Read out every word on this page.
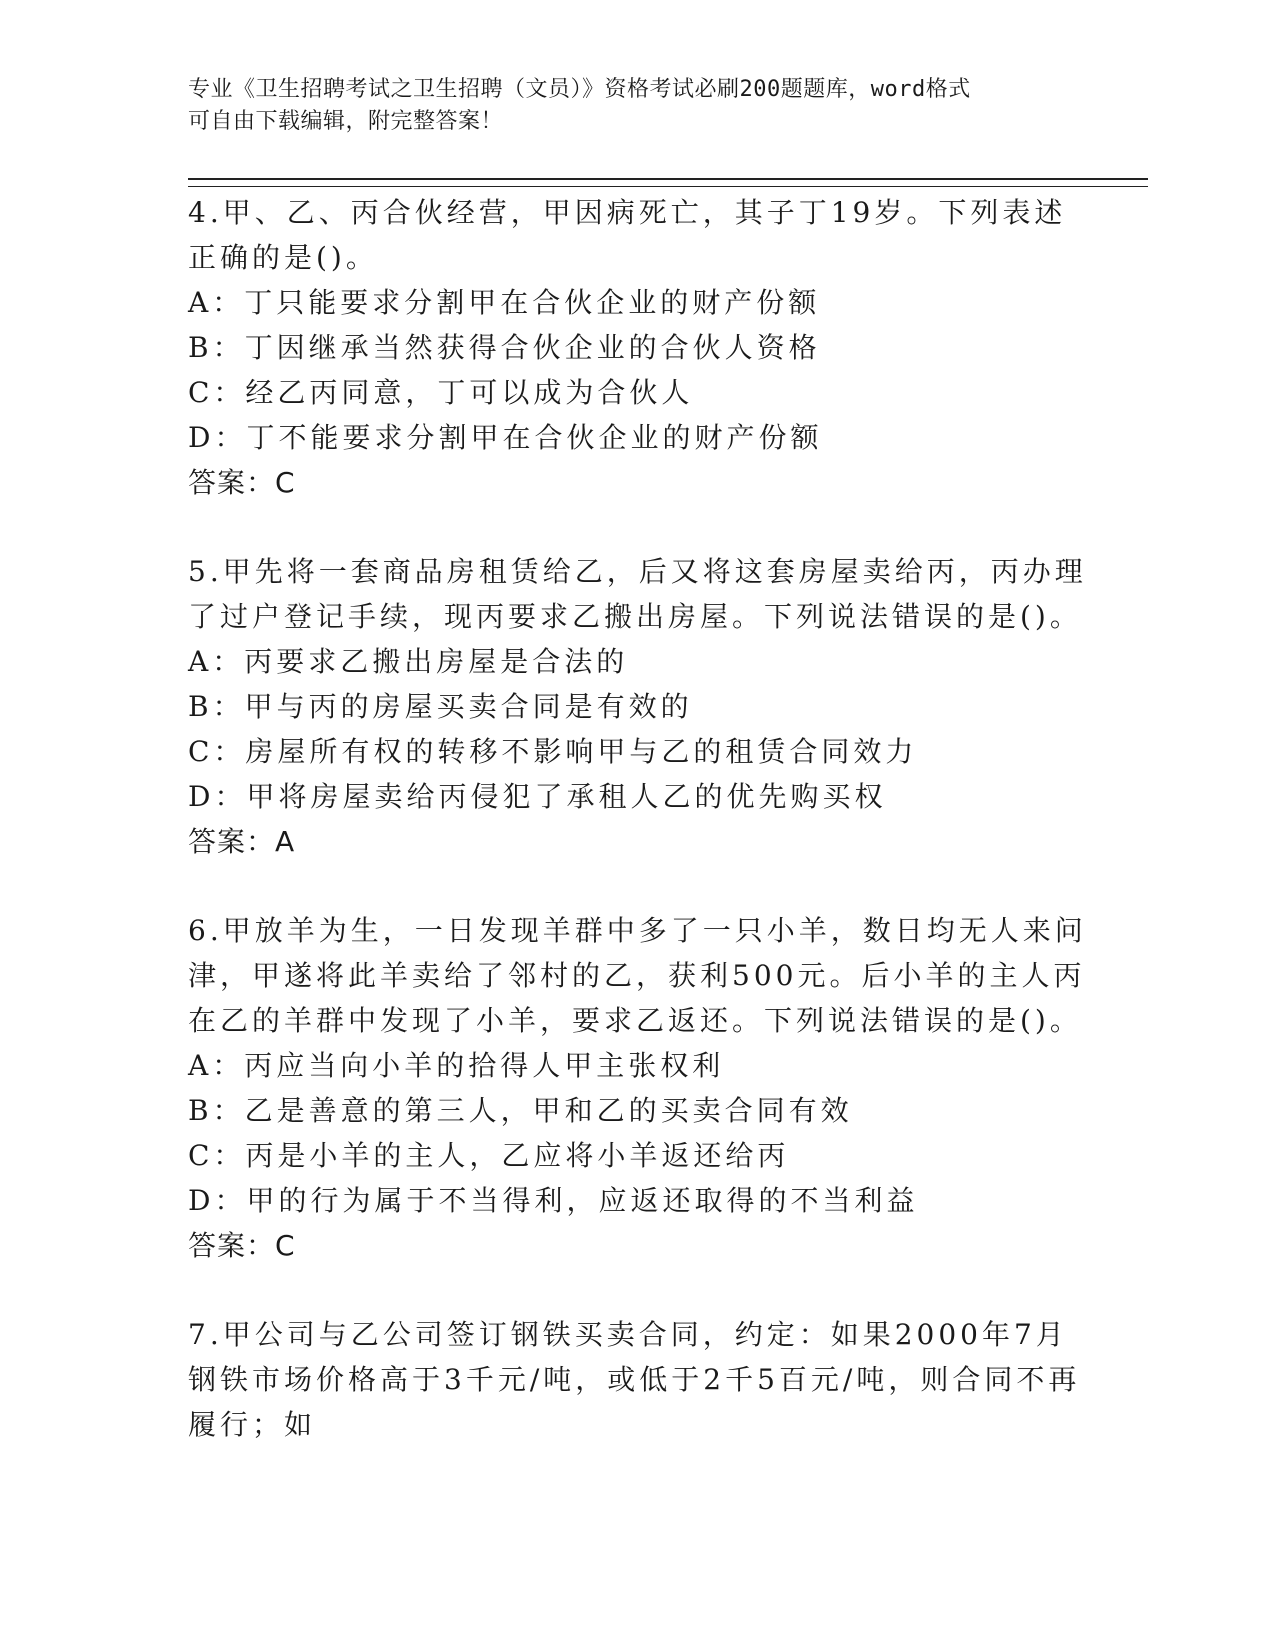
专业《卫生招聘考试之卫生招聘（文员）》资格考试必刷200题题库，word格式
可自由下载编辑，附完整答案！

4.甲、乙、丙合伙经营，甲因病死亡，其子丁19岁。下列表述正确的是()。

A：丁只能要求分割甲在合伙企业的财产份额

B：丁因继承当然获得合伙企业的合伙人资格

C：经乙丙同意，丁可以成为合伙人

D：丁不能要求分割甲在合伙企业的财产份额

答案：C

5.甲先将一套商品房租赁给乙，后又将这套房屋卖给丙，丙办理了过户登记手续，现丙要求乙搬出房屋。下列说法错误的是()。

A：丙要求乙搬出房屋是合法的

B：甲与丙的房屋买卖合同是有效的

C：房屋所有权的转移不影响甲与乙的租赁合同效力

D：甲将房屋卖给丙侵犯了承租人乙的优先购买权

答案：A

6.甲放羊为生，一日发现羊群中多了一只小羊，数日均无人来问津，甲遂将此羊卖给了邻村的乙，获利500元。后小羊的主人丙在乙的羊群中发现了小羊，要求乙返还。下列说法错误的是()。

A：丙应当向小羊的拾得人甲主张权利

B：乙是善意的第三人，甲和乙的买卖合同有效

C：丙是小羊的主人，乙应将小羊返还给丙

D：甲的行为属于不当得利，应返还取得的不当利益

答案：C

7.甲公司与乙公司签订钢铁买卖合同，约定：如果2000年7月钢铁市场价格高于3千元/吨，或低于2千5百元/吨，则合同不再履行；如
